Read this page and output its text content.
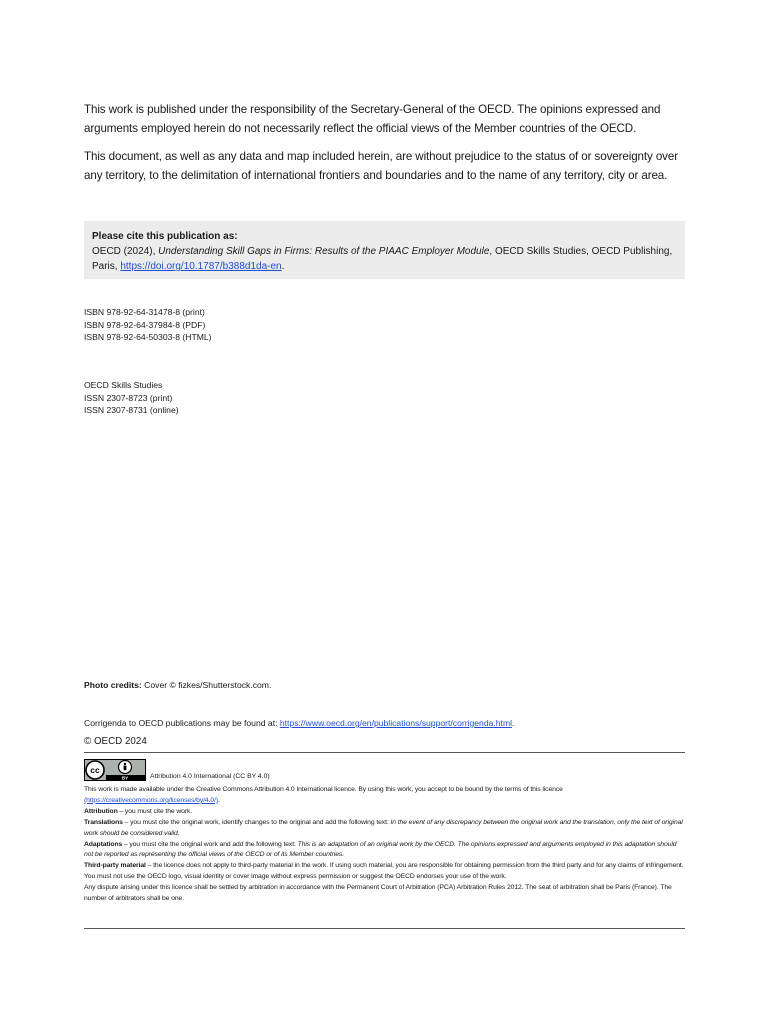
This work is published under the responsibility of the Secretary-General of the OECD. The opinions expressed and arguments employed herein do not necessarily reflect the official views of the Member countries of the OECD.

This document, as well as any data and map included herein, are without prejudice to the status of or sovereignty over any territory, to the delimitation of international frontiers and boundaries and to the name of any territory, city or area.

Please cite this publication as:
OECD (2024), Understanding Skill Gaps in Firms: Results of the PIAAC Employer Module, OECD Skills Studies, OECD Publishing, Paris, https://doi.org/10.1787/b388d1da-en.
ISBN 978-92-64-31478-8 (print)
ISBN 978-92-64-37984-8 (PDF)
ISBN 978-92-64-50303-8 (HTML)
OECD Skills Studies
ISSN 2307-8723 (print)
ISSN 2307-8731 (online)
Photo credits: Cover © fizkes/Shutterstock.com.
Corrigenda to OECD publications may be found at: https://www.oecd.org/en/publications/support/corrigenda.html.
© OECD 2024
cc
BY	Attribution 4.0 International (CC BY 4.0)

This work is made available under the Creative Commons Attribution 4.0 International licence. By using this work, you accept to be bound by the terms of this licence
(https://creativecommons.org/licenses/by/4.0/).

Attribution – you must cite the work.

Translations – you must cite the original work, identify changes to the original and add the following text: In the event of any discrepancy between the original work and the translation, only the text of original work should be considered valid.

Adaptations – you must cite the original work and add the following text: This is an adaptation of an original work by the OECD. The opinions expressed and arguments employed in this adaptation should not be reported as representing the official views of the OECD or of its Member countries.

Third-party material – the licence does not apply to third-party material in the work. If using such material, you are responsible for obtaining permission from the third party and for any claims of infringement.

You must not use the OECD logo, visual identity or cover image without express permission or suggest the OECD endorses your use of the work.

Any dispute arising under this licence shall be settled by arbitration in accordance with the Permanent Court of Arbitration (PCA) Arbitration Rules 2012. The seat of arbitration shall be Paris (France). The number of arbitrators shall be one.
